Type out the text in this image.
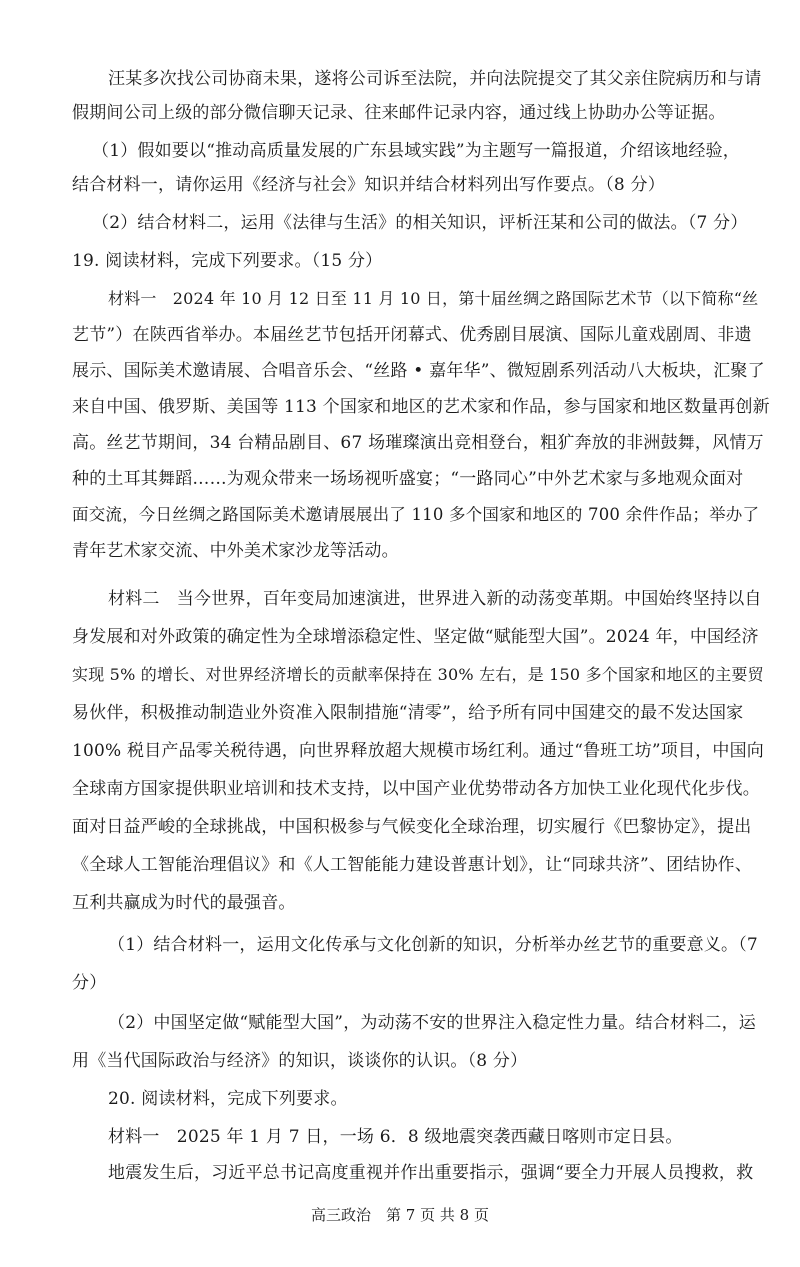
汪某多次找公司协商未果，遂将公司诉至法院，并向法院提交了其父亲住院病历和与请
假期间公司上级的部分微信聊天记录、往来邮件记录内容，通过线上协助办公等证据。
（1）假如要以“推动高质量发展的广东县域实践”为主题写一篇报道，介绍该地经验，
结合材料一，请你运用《经济与社会》知识并结合材料列出写作要点。（8 分）
（2）结合材料二，运用《法律与生活》的相关知识，评析汪某和公司的做法。（7 分）
19. 阅读材料，完成下列要求。（15 分）
材料一　2024 年 10 月 12 日至 11 月 10 日，第十届丝绸之路国际艺术节（以下简称“丝
艺节”）在陕西省举办。本届丝艺节包括开闭幕式、优秀剧目展演、国际儿童戏剧周、非遗
展示、国际美术邀请展、合唱音乐会、“丝路 • 嘉年华”、微短剧系列活动八大板块，汇聚了
来自中国、俄罗斯、美国等 113 个国家和地区的艺术家和作品，参与国家和地区数量再创新
高。丝艺节期间，34 台精品剧目、67 场璀璨演出竞相登台，粗犷奔放的非洲鼓舞，风情万
种的土耳其舞蹈……为观众带来一场场视听盛宴；“一路同心”中外艺术家与多地观众面对
面交流，今日丝绸之路国际美术邀请展展出了 110 多个国家和地区的 700 余件作品；举办了
青年艺术家交流、中外美术家沙龙等活动。
材料二　当今世界，百年变局加速演进，世界进入新的动荡变革期。中国始终坚持以自
身发展和对外政策的确定性为全球增添稳定性、坚定做“赋能型大国”。2024 年，中国经济
实现 5% 的增长、对世界经济增长的贡献率保持在 30% 左右，是 150 多个国家和地区的主要贸
易伙伴，积极推动制造业外资准入限制措施“清零”，给予所有同中国建交的最不发达国家
100% 税目产品零关税待遇，向世界释放超大规模市场红利。通过“鲁班工坊”项目，中国向
全球南方国家提供职业培训和技术支持，以中国产业优势带动各方加快工业化现代化步伐。
面对日益严峻的全球挑战，中国积极参与气候变化全球治理，切实履行《巴黎协定》，提出
《全球人工智能治理倡议》和《人工智能能力建设普惠计划》，让“同球共济”、团结协作、
互利共赢成为时代的最强音。
（1）结合材料一，运用文化传承与文化创新的知识，分析举办丝艺节的重要意义。（7
分）
（2）中国坚定做“赋能型大国”，为动荡不安的世界注入稳定性力量。结合材料二，运
用《当代国际政治与经济》的知识，谈谈你的认识。（8 分）
20. 阅读材料，完成下列要求。
材料一　2025 年 1 月 7 日，一场 6．8 级地震突袭西藏日喀则市定日县。
地震发生后，习近平总书记高度重视并作出重要指示，强调“要全力开展人员搜救，救
高三政治　第 7 页 共 8 页
